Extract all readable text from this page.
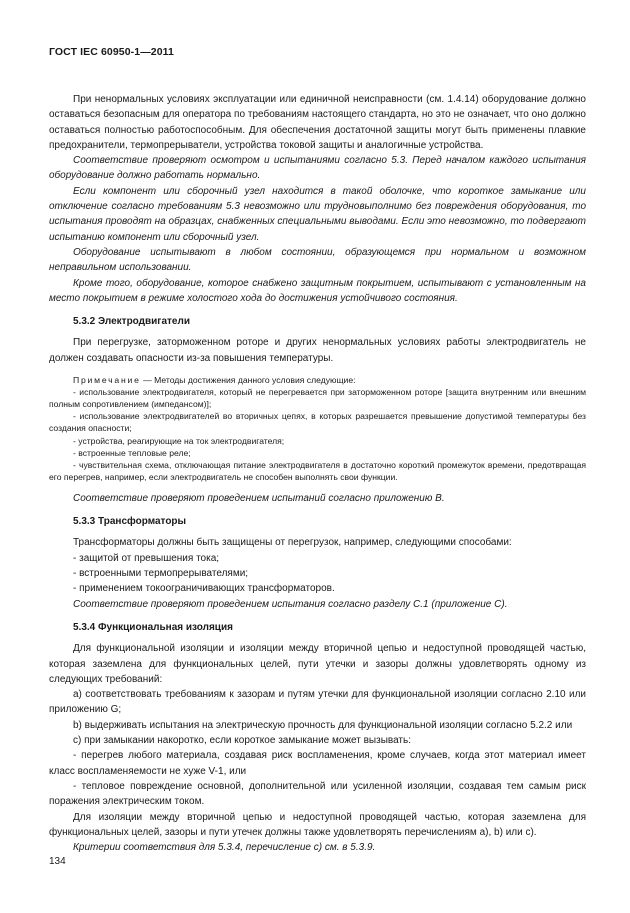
ГОСТ IEC 60950-1—2011

При ненормальных условиях эксплуатации или единичной неисправности (см. 1.4.14) оборудование должно оставаться безопасным для оператора по требованиям настоящего стандарта, но это не означает, что оно должно оставаться полностью работоспособным. Для обеспечения достаточной защиты могут быть применены плавкие предохранители, термопрерыватели, устройства токовой защиты и аналогичные устройства.

Соответствие проверяют осмотром и испытаниями согласно 5.3. Перед началом каждого испытания оборудование должно работать нормально.

Если компонент или сборочный узел находится в такой оболочке, что короткое замыкание или отключение согласно требованиям 5.3 невозможно или трудновыполнимо без повреждения оборудования, то испытания проводят на образцах, снабженных специальными выводами. Если это невозможно, то подвергают испытанию компонент или сборочный узел.

Оборудование испытывают в любом состоянии, образующемся при нормальном и возможном неправильном использовании.

Кроме того, оборудование, которое снабжено защитным покрытием, испытывают с установленным на место покрытием в режиме холостого хода до достижения устойчивого состояния.

5.3.2 Электродвигатели

При перегрузке, заторможенном роторе и других ненормальных условиях работы электродвигатель не должен создавать опасности из-за повышения температуры.

Примечание — Методы достижения данного условия следующие:

- использование электродвигателя, который не перегревается при заторможенном роторе [защита внутренним или внешним полным сопротивлением (импедансом)];

- использование электродвигателей во вторичных цепях, в которых разрешается превышение допустимой температуры без создания опасности;

- устройства, реагирующие на ток электродвигателя;

- встроенные тепловые реле;

- чувствительная схема, отключающая питание электродвигателя в достаточно короткий промежуток времени, предотвращая его перегрев, например, если электродвигатель не способен выполнять свои функции.

Соответствие проверяют проведением испытаний согласно приложению В.

5.3.3 Трансформаторы

Трансформаторы должны быть защищены от перегрузок, например, следующими способами:

- защитой от превышения тока;

- встроенными термопрерывателями;

- применением токоограничивающих трансформаторов.

Соответствие проверяют проведением испытания согласно разделу С.1 (приложение С).

5.3.4 Функциональная изоляция

Для функциональной изоляции и изоляции между вторичной цепью и недоступной проводящей частью, которая заземлена для функциональных целей, пути утечки и зазоры должны удовлетворять одному из следующих требований:

а) соответствовать требованиям к зазорам и путям утечки для функциональной изоляции согласно 2.10 или приложению G;

b) выдерживать испытания на электрическую прочность для функциональной изоляции согласно 5.2.2 или

с) при замыкании накоротко, если короткое замыкание может вызывать:

- перегрев любого материала, создавая риск воспламенения, кроме случаев, когда этот материал имеет класс воспламеняемости не хуже V-1, или

- тепловое повреждение основной, дополнительной или усиленной изоляции, создавая тем самым риск поражения электрическим током.

Для изоляции между вторичной цепью и недоступной проводящей частью, которая заземлена для функциональных целей, зазоры и пути утечек должны также удовлетворять перечислениям а), b) или с).

Критерии соответствия для 5.3.4, перечисление с) см. в 5.3.9.

134
